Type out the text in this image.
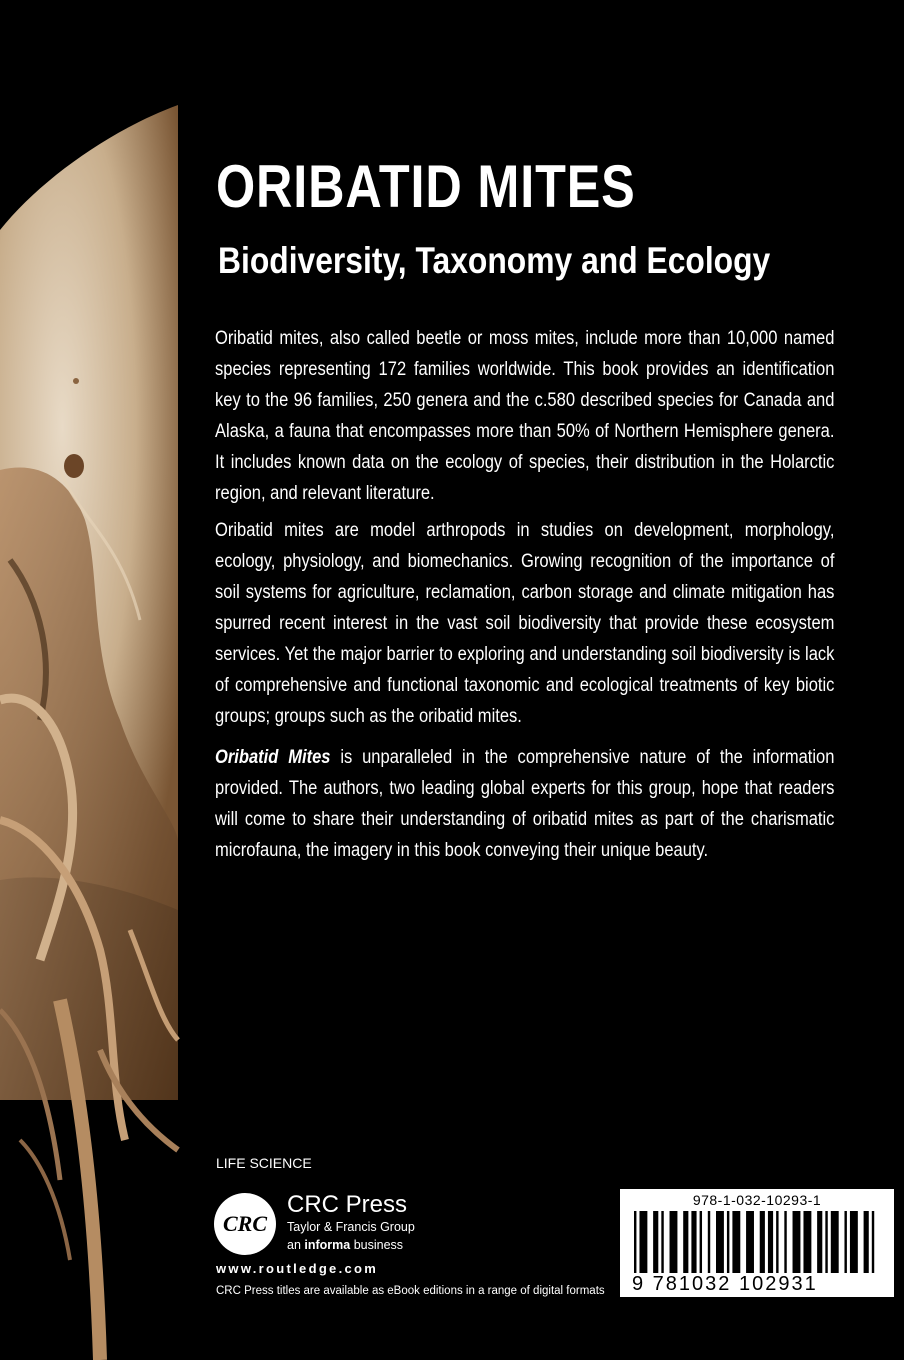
ORIBATID MITES
Biodiversity, Taxonomy and Ecology

Oribatid mites, also called beetle or moss mites, include more than 10,000 named species representing 172 families worldwide. This book provides an identification key to the 96 families, 250 genera and the c.580 described species for Canada and Alaska, a fauna that encompasses more than 50% of Northern Hemisphere genera. It includes known data on the ecology of species, their distribution in the Holarctic region, and relevant literature.

Oribatid mites are model arthropods in studies on development, morphology, ecology, physiology, and biomechanics. Growing recognition of the importance of soil systems for agriculture, reclamation, carbon storage and climate mitigation has spurred recent interest in the vast soil biodiversity that provide these ecosystem services. Yet the major barrier to exploring and understanding soil biodiversity is lack of comprehensive and functional taxonomic and ecological treatments of key biotic groups; groups such as the oribatid mites.

Oribatid Mites is unparalleled in the comprehensive nature of the information provided. The authors, two leading global experts for this group, hope that readers will come to share their understanding of oribatid mites as part of the charismatic microfauna, the imagery in this book conveying their unique beauty.

LIFE SCIENCE

CRC

CRC Press

Taylor & Francis Group

an informa business

www.routledge.com

CRC Press titles are available as eBook editions in a range of digital formats

978-1-032-10293-1
9 781032 102931
